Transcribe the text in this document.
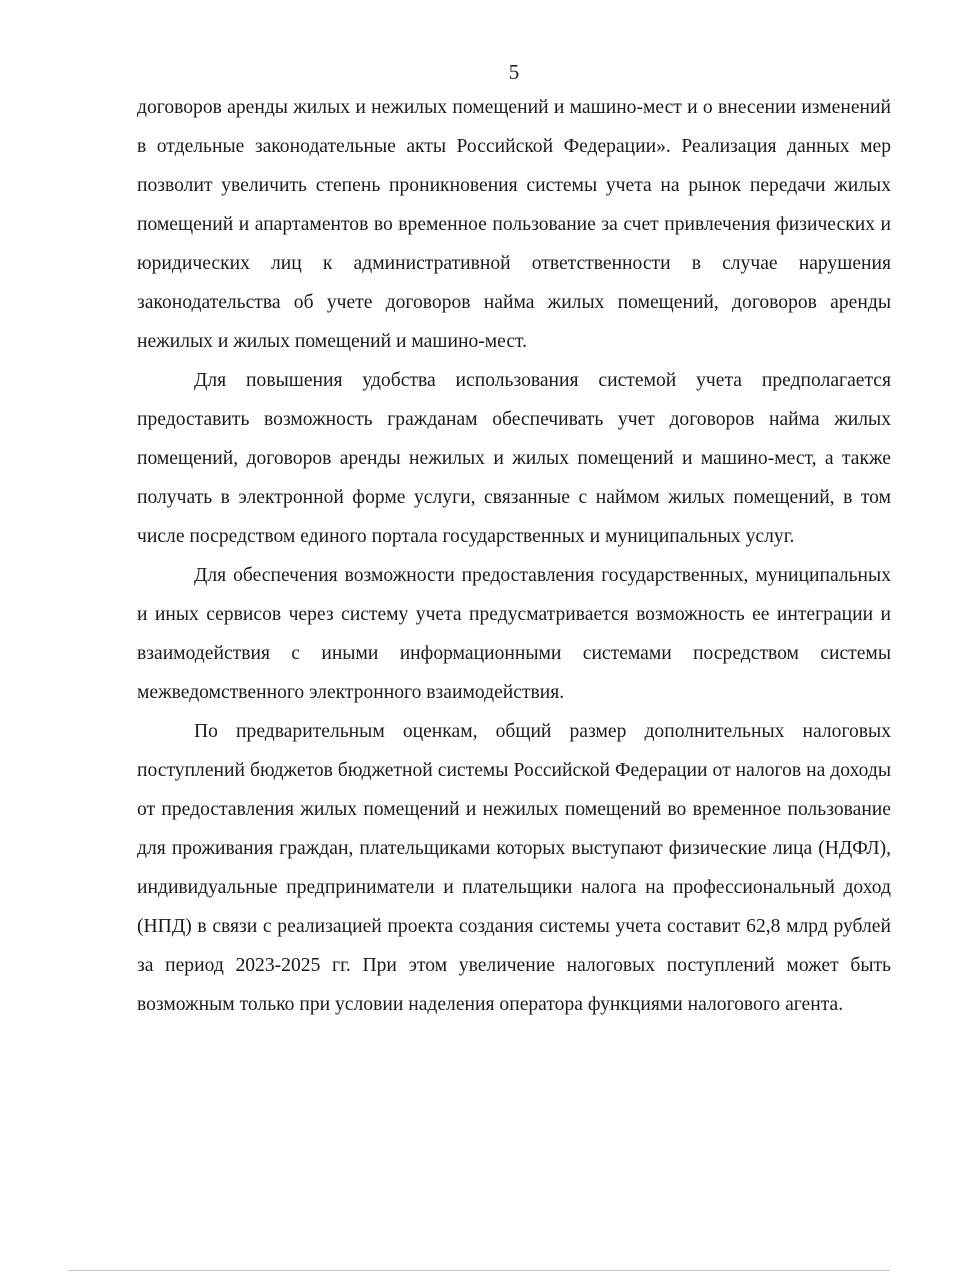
5

договоров аренды жилых и нежилых помещений и машино-мест и о внесении изменений в отдельные законодательные акты Российской Федерации». Реализация данных мер позволит увеличить степень проникновения системы учета на рынок передачи жилых помещений и апартаментов во временное пользование за счет привлечения физических и юридических лиц к административной ответственности в случае нарушения законодательства об учете договоров найма жилых помещений, договоров аренды нежилых и жилых помещений и машино-мест.

Для повышения удобства использования системой учета предполагается предоставить возможность гражданам обеспечивать учет договоров найма жилых помещений, договоров аренды нежилых и жилых помещений и машино-мест, а также получать в электронной форме услуги, связанные с наймом жилых помещений, в том числе посредством единого портала государственных и муниципальных услуг.

Для обеспечения возможности предоставления государственных, муниципальных и иных сервисов через систему учета предусматривается возможность ее интеграции и взаимодействия с иными информационными системами посредством системы межведомственного электронного взаимодействия.

По предварительным оценкам, общий размер дополнительных налоговых поступлений бюджетов бюджетной системы Российской Федерации от налогов на доходы от предоставления жилых помещений и нежилых помещений во временное пользование для проживания граждан, плательщиками которых выступают физические лица (НДФЛ), индивидуальные предприниматели и плательщики налога на профессиональный доход (НПД) в связи с реализацией проекта создания системы учета составит 62,8 млрд рублей за период 2023-2025 гг. При этом увеличение налоговых поступлений может быть возможным только при условии наделения оператора функциями налогового агента.
